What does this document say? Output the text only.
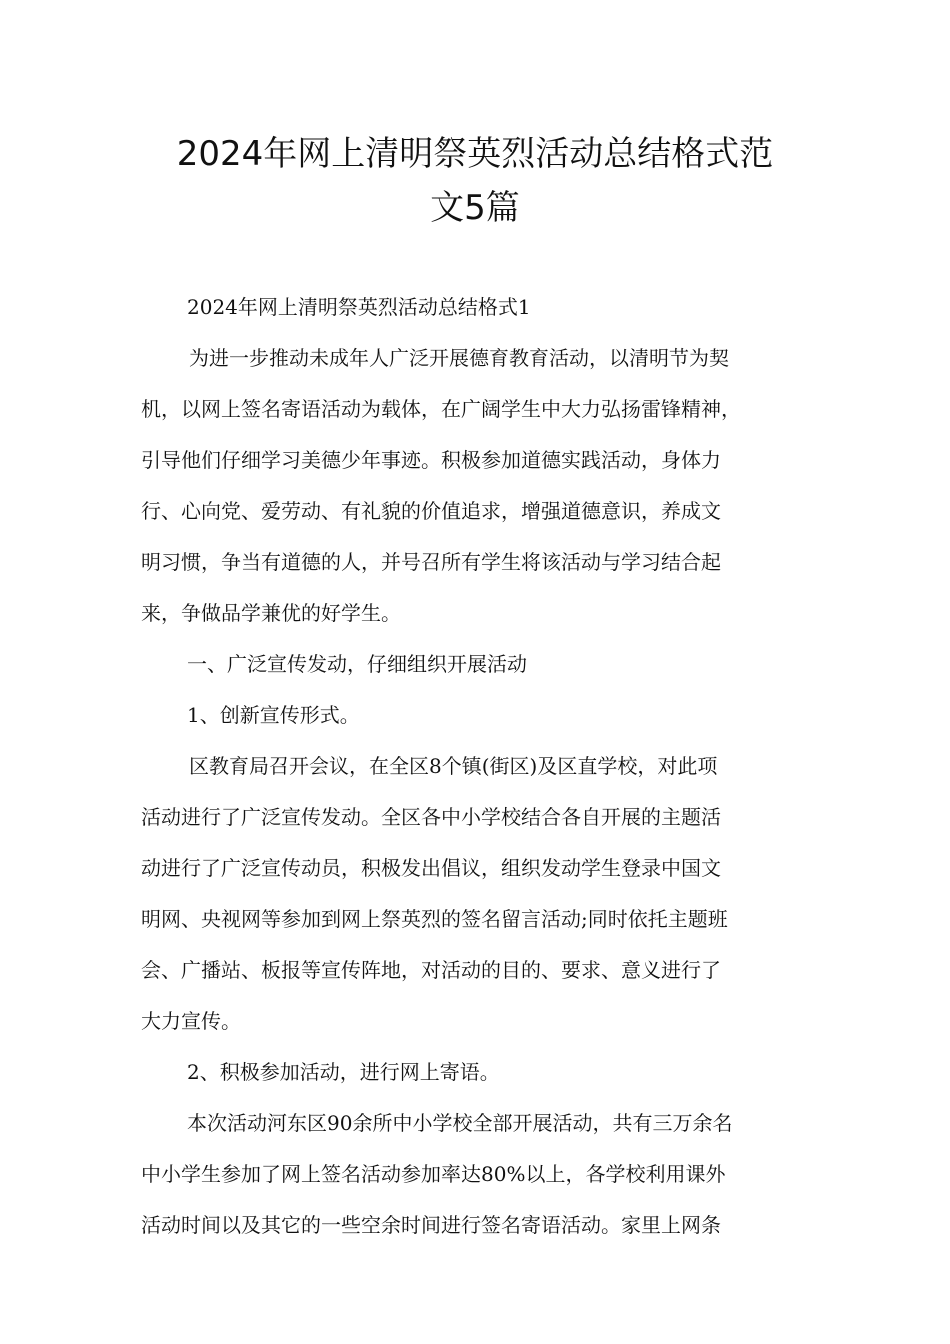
2024年网上清明祭英烈活动总结格式范
文5篇
2024年网上清明祭英烈活动总结格式1
为进一步推动未成年人广泛开展德育教育活动，以清明节为契
机，以网上签名寄语活动为载体，在广阔学生中大力弘扬雷锋精神，
引导他们仔细学习美德少年事迹。积极参加道德实践活动，身体力
行、心向党、爱劳动、有礼貌的价值追求，增强道德意识，养成文
明习惯，争当有道德的人，并号召所有学生将该活动与学习结合起
来，争做品学兼优的好学生。
一、广泛宣传发动，仔细组织开展活动
1、创新宣传形式。
区教育局召开会议，在全区8个镇(街区)及区直学校，对此项
活动进行了广泛宣传发动。全区各中小学校结合各自开展的主题活
动进行了广泛宣传动员，积极发出倡议，组织发动学生登录中国文
明网、央视网等参加到网上祭英烈的签名留言活动;同时依托主题班
会、广播站、板报等宣传阵地，对活动的目的、要求、意义进行了
大力宣传。
2、积极参加活动，进行网上寄语。
本次活动河东区90余所中小学校全部开展活动，共有三万余名
中小学生参加了网上签名活动参加率达80%以上，各学校利用课外
活动时间以及其它的一些空余时间进行签名寄语活动。家里上网条
